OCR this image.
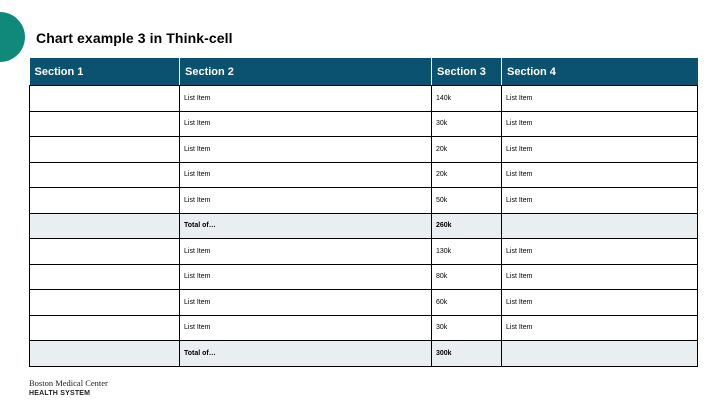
Chart example 3 in Think-cell
Section 1	Section 2	Section 3	Section 4
	List Item	140k	List Item
	List Item	30k	List Item
	List Item	20k	List Item
	List Item	20k	List Item
	List Item	50k	List Item
	Total of…	260k	
	List Item	130k	List Item
	List Item	80k	List Item
	List Item	60k	List Item
	List Item	30k	List Item
	Total of…	300k	
Boston Medical Center
HEALTH SYSTEM
